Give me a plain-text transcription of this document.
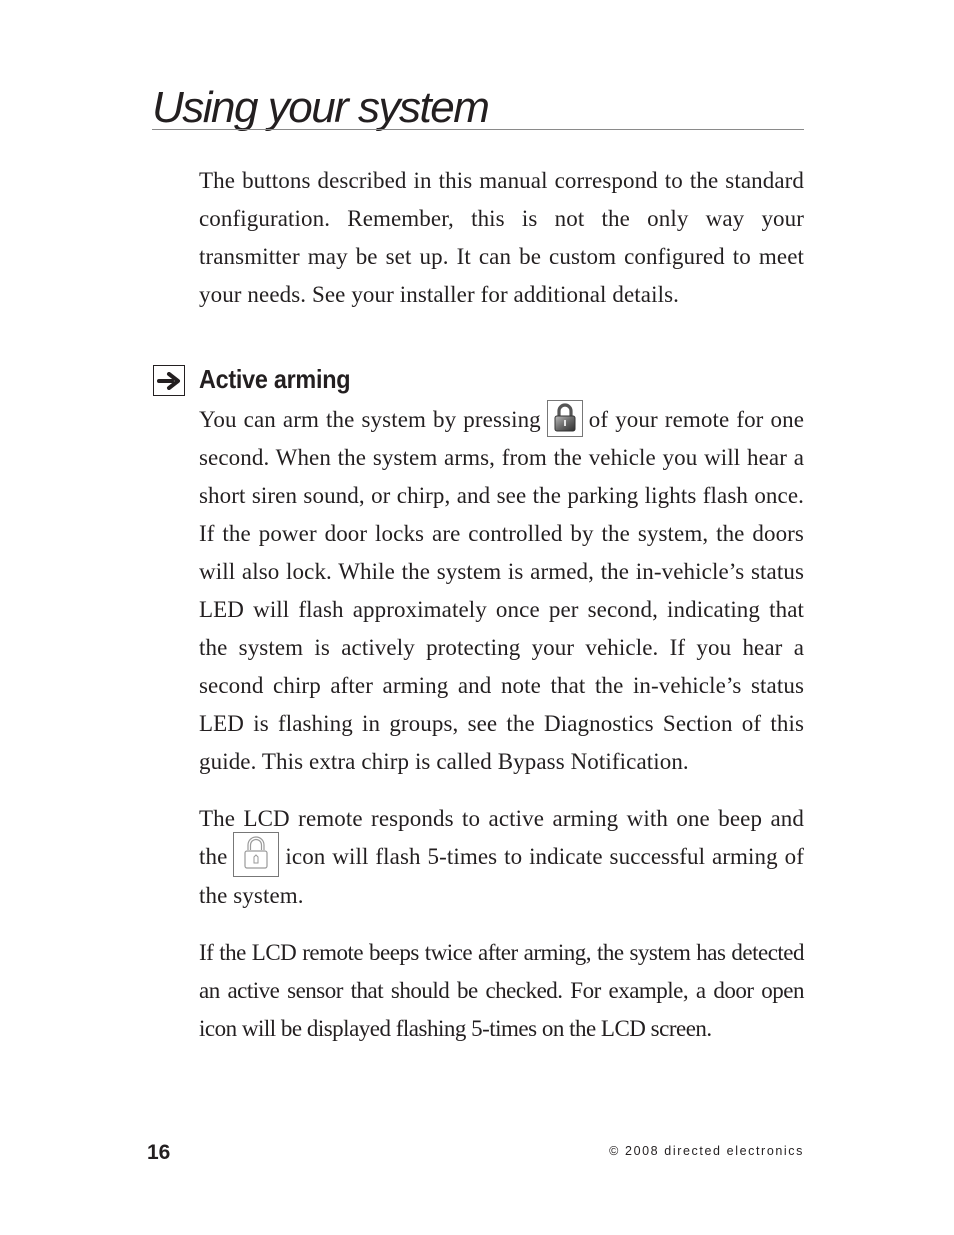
Using your system

The buttons described in this manual correspond to the standard configuration. Remember, this is not the only way your transmitter may be set up. It can be custom configured to meet your needs. See your installer for additional details.

Active arming

You can arm the system by pressing of your remote for one second. When the system arms, from the vehicle you will hear a short siren sound, or chirp, and see the parking lights flash once. If the power door locks are controlled by the system, the doors will also lock. While the system is armed, the in-vehicle’s status LED will flash approximately once per second, indicating that the system is actively protecting your vehicle. If you hear a second chirp after arming and note that the in-vehicle’s status LED is flashing in groups, see the Diagnostics Section of this guide. This extra chirp is called Bypass Notification.

The LCD remote responds to active arming with one beep and the	icon will flash 5-times to indicate successful arming of the system.

If the LCD remote beeps twice after arming, the system has detected an active sensor that should be checked. For example, a door open icon will be displayed flashing 5-times on the LCD screen.

16	© 2008 directed electronics
